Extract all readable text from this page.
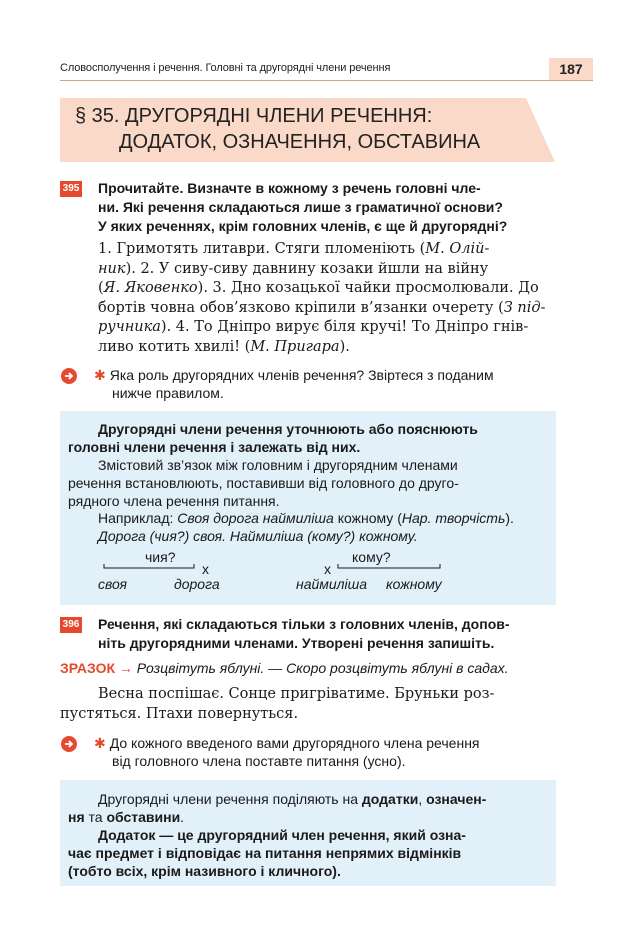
Словосполучення і речення. Головні та другорядні члени речення	187
§ 35. ДРУГОРЯДНІ ЧЛЕНИ РЕЧЕННЯ:
ДОДАТОК, ОЗНАЧЕННЯ, ОБСТАВИНА
395 Прочитайте. Визначте в кожному з речень головні чле-
ни. Які речення складаються лише з граматичної основи?
У яких реченнях, крім головних членів, є ще й другорядні?
1. Гримотять литаври. Стяги пломеніють (М. Олій-
ник). 2. У сиву-сиву давнину козаки йшли на війну
(Я. Яковенко). 3. Дно козацької чайки просмолювали. До
бортів човна обов’язково кріпили в’язанки очерету (З під-
ручника). 4. То Дніпро вирує біля кручі! То Дніпро гнів-
ливо котить хвилі! (М. Пригара).
✱ Яка роль другорядних членів речення? Звіртеся з поданим
нижче правилом.
Другорядні члени речення уточнюють або пояснюють
головні члени речення і залежать від них.
Змістовий зв’язок між головним і другорядним членами
речення встановлюють, поставивши від головного до друго-
рядного члена речення питання.
Наприклад: Своя дорога наймиліша кожному (Нар. творчість).
Дорога (чия?) своя. Наймиліша (кому?) кожному.
чия?
x
своя	дорога
кому?
x
наймиліша кожному
396 Речення, які складаються тільки з головних членів, допов-
ніть другорядними членами. Утворені речення запишіть.
ЗРАЗОК → Розцвітуть яблуні. — Скоро розцвітуть яблуні в садах.
Весна поспішає. Сонце пригріватиме. Бруньки роз-
пустяться. Птахи повернуться.
✱ До кожного введеного вами другорядного члена речення
від головного члена поставте питання (усно).
Другорядні члени речення поділяють на додатки, означен-
ня та обставини.
Додаток — це другорядний член речення, який озна-
чає предмет і відповідає на питання непрямих відмінків
(тобто всіх, крім називного і кличного).
